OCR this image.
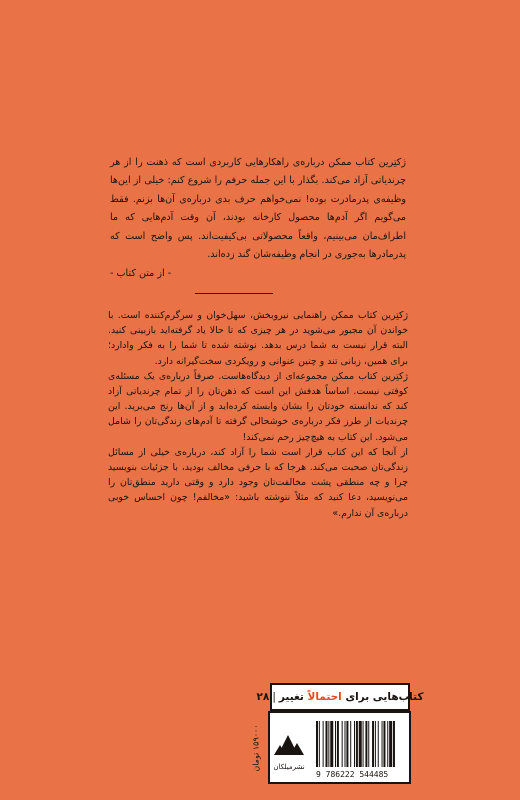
ژ‌کتِرین کتاب ممکن درباره‌ی راهکارهایی کاربردی است که ذهنت را از هر چرندیاتی آزاد می‌کند. بگذار با این جمله حرفم را شروع کنم: خیلی از این‌ها وظیفه‌ی پدرمادرت بوده! نمی‌خواهم حرف بدی درباره‌ی آن‌ها بزنم. فقط می‌گویم اگر آدم‌ها محصول کارخانه بودند، آن وقت آدم‌هایی که ما اطراف‌مان می‌بینیم، واقعاً محصولاتی بی‌کیفیت‌اند. پس واضح است که پدرمادرها به‌جوری در انجام وظیفه‌شان گند زده‌اند.

- از متن کتاب -

ژ‌کتِرین کتاب ممکن راهنمایی نیروبخش، سهل‌خوان و سرگرم‌کننده است. با خواندن آن مجبور می‌شوید در هر چیزی که تا حالا یاد گرفته‌اید بازبینی کنید. البته قرار نیست به شما درس بدهد. نوشته شده تا شما را به فکر وادارد؛ برای همین، زبانی تند و چنین عنوانی و رویکردی سخت‌گیرانه دارد.

ژ‌کتِرین کتاب ممکن مجموعه‌ای از دیدگاه‌هاست. صرفاً درباره‌ی یک مسئله‌ی کوفتی نیست. اساساً هدفش این است که ذهن‌تان را از تمام چرندیاتی آزاد کند که ندانسته خودتان را بشان وابسته کرده‌اید و از آن‌ها رنج می‌برید. این چرندیات از طرز فکر درباره‌ی خوشحالی گرفته تا آدم‌های زندگی‌تان را شامل می‌شود. این کتاب به هیچ‌چیز رحم نمی‌کند!

از آنجا که این کتاب قرار است شما را آزاد کند، درباره‌ی خیلی از مسائل زندگی‌تان صحبت می‌کند. هرجا که با حرفی مخالف بودید، با جزئیات بنویسید چرا و چه منطقی پشت مخالفت‌تان وجود دارد و وقتی دارید منطق‌تان را می‌نویسید، دعا کنید که مثلاً ننوشته باشید: «مخالفم! چون احساس خوبی درباره‌ی آن ندارم.»

کتاب‌هایی برای

احتمالاً

تغییر
|
۲۸
۱۵۹۰۰۰ تومان
9 786222 544485
نشرمیلکان
